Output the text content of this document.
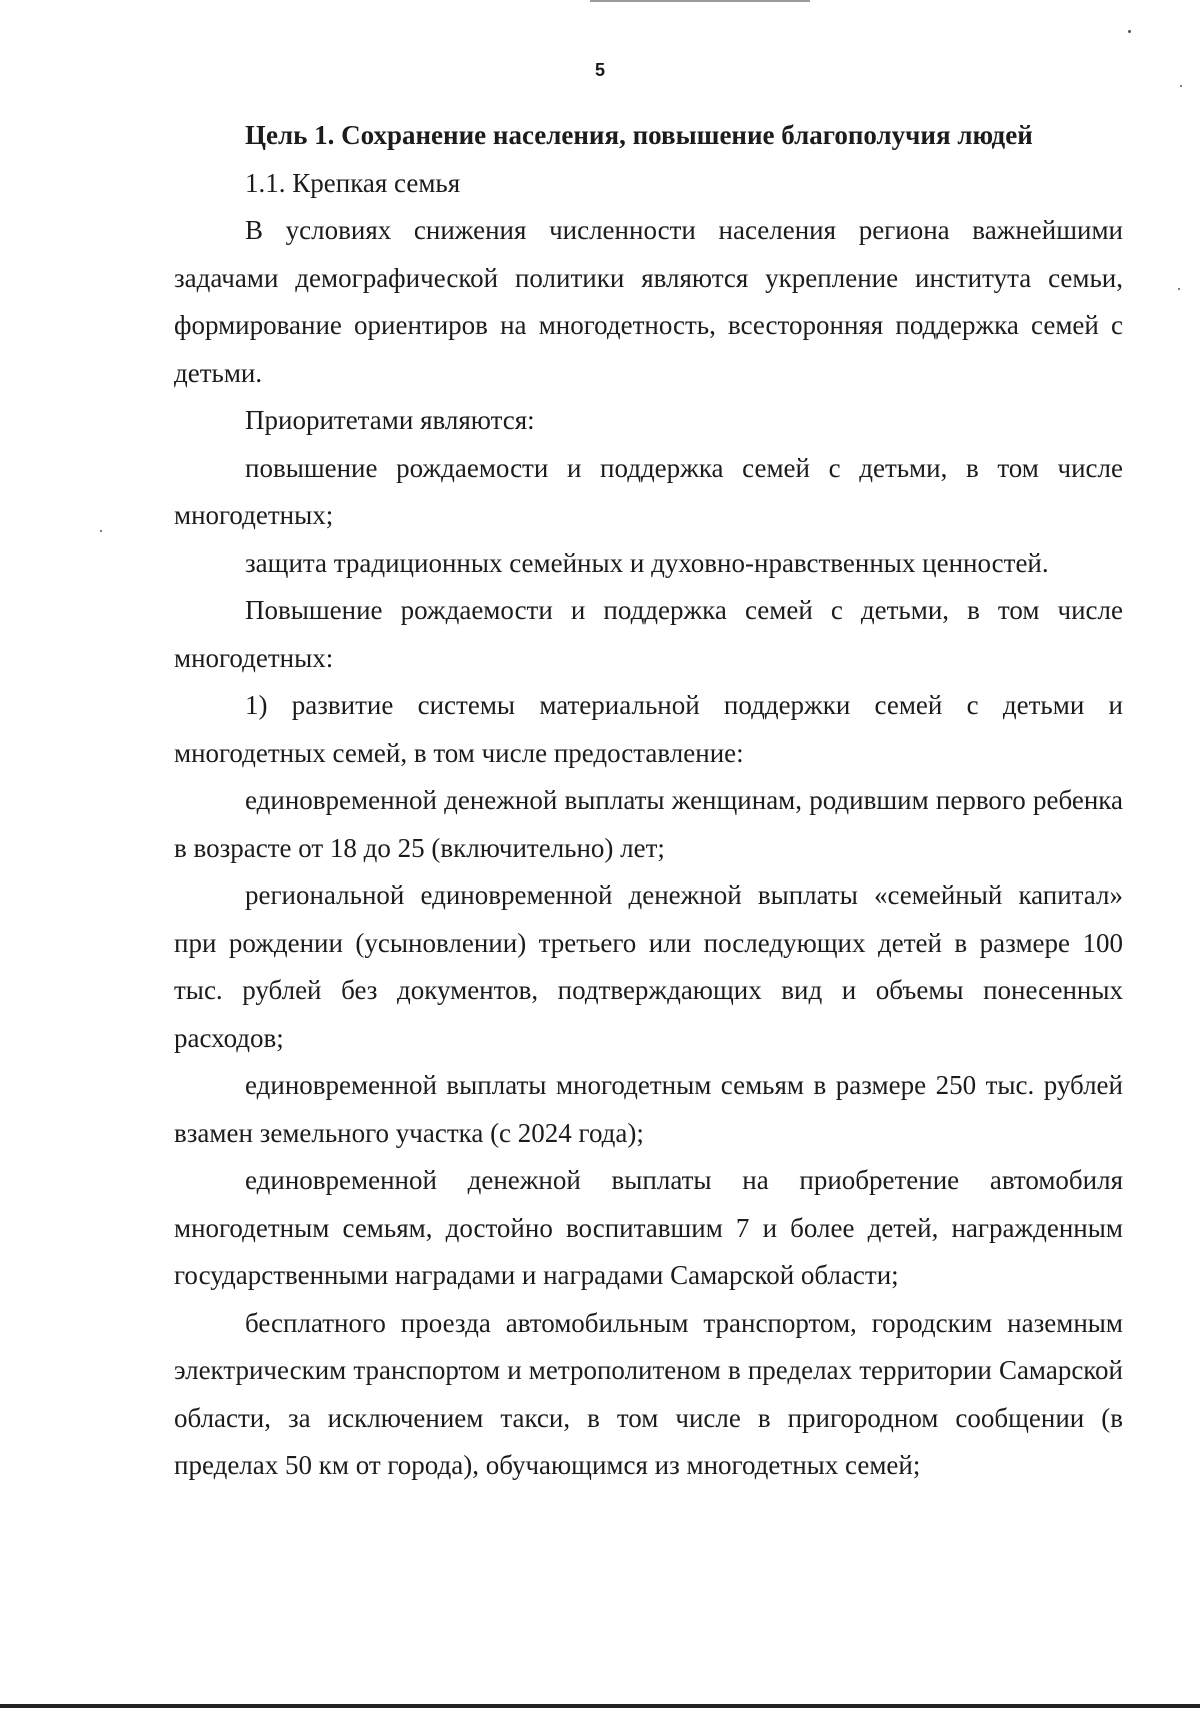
5

Цель 1. Сохранение населения, повышение благополучия людей

1.1. Крепкая семья

В условиях снижения численности населения региона важнейшими задачами демографической политики являются укрепление института семьи, формирование ориентиров на многодетность, всесторонняя поддержка семей с детьми.

Приоритетами являются:

повышение рождаемости и поддержка семей с детьми, в том числе многодетных;

защита традиционных семейных и духовно-нравственных ценностей.

Повышение рождаемости и поддержка семей с детьми, в том числе многодетных:

1) развитие системы материальной поддержки семей с детьми и многодетных семей, в том числе предоставление:

единовременной денежной выплаты женщинам, родившим первого ребенка в возрасте от 18 до 25 (включительно) лет;

региональной единовременной денежной выплаты «семейный капитал» при рождении (усыновлении) третьего или последующих детей в размере 100 тыс. рублей без документов, подтверждающих вид и объемы понесенных расходов;

единовременной выплаты многодетным семьям в размере 250 тыс. рублей взамен земельного участка (с 2024 года);

единовременной денежной выплаты на приобретение автомобиля многодетным семьям, достойно воспитавшим 7 и более детей, награжденным государственными наградами и наградами Самарской области;

бесплатного проезда автомобильным транспортом, городским наземным электрическим транспортом и метрополитеном в пределах территории Самарской области, за исключением такси, в том числе в пригородном сообщении (в пределах 50 км от города), обучающимся из многодетных семей;
